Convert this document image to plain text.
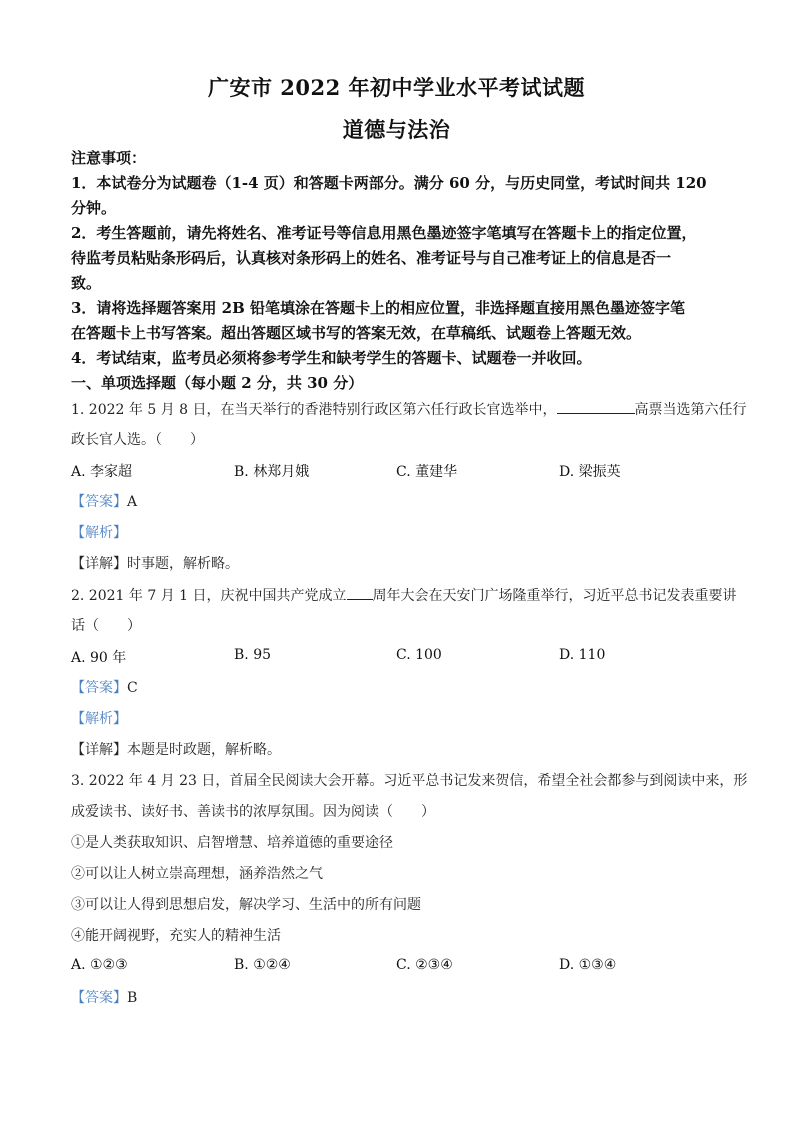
广安市 2022 年初中学业水平考试试题
道德与法治

注意事项：

1．本试卷分为试题卷（1-4 页）和答题卡两部分。满分 60 分，与历史同堂，考试时间共 120

分钟。

2．考生答题前，请先将姓名、准考证号等信息用黑色墨迹签字笔填写在答题卡上的指定位置，

待监考员粘贴条形码后，认真核对条形码上的姓名、准考证号与自己准考证上的信息是否一

致。

3．请将选择题答案用 2B 铅笔填涂在答题卡上的相应位置，非选择题直接用黑色墨迹签字笔

在答题卡上书写答案。超出答题区域书写的答案无效，在草稿纸、试题卷上答题无效。

4．考试结束，监考员必须将参考学生和缺考学生的答题卡、试题卷一并收回。

一、单项选择题（每小题 2 分，共 30 分）

1. 2022 年 5 月 8 日，在当天举行的香港特别行政区第六任行政长官选举中，	高票当选第六任行
政长官人选。（　　）
A. 李家超	B. 林郑月娥	C. 董建华	D. 梁振英
【答案】A
【解析】
【详解】时事题，解析略。
2. 2021 年 7 月 1 日，庆祝中国共产党成立 周年大会在天安门广场隆重举行，习近平总书记发表重要讲
话（　　）
A. 90 年	B. 95	C. 100	D. 110
【答案】C
【解析】
【详解】本题是时政题，解析略。
3. 2022 年 4 月 23 日，首届全民阅读大会开幕。习近平总书记发来贺信，希望全社会都参与到阅读中来，形
成爱读书、读好书、善读书的浓厚氛围。因为阅读（　　）
①是人类获取知识、启智增慧、培养道德的重要途径
②可以让人树立崇高理想，涵养浩然之气
③可以让人得到思想启发，解决学习、生活中的所有问题
④能开阔视野，充实人的精神生活
A. ①②③	B. ①②④	C. ②③④	D. ①③④
【答案】B
